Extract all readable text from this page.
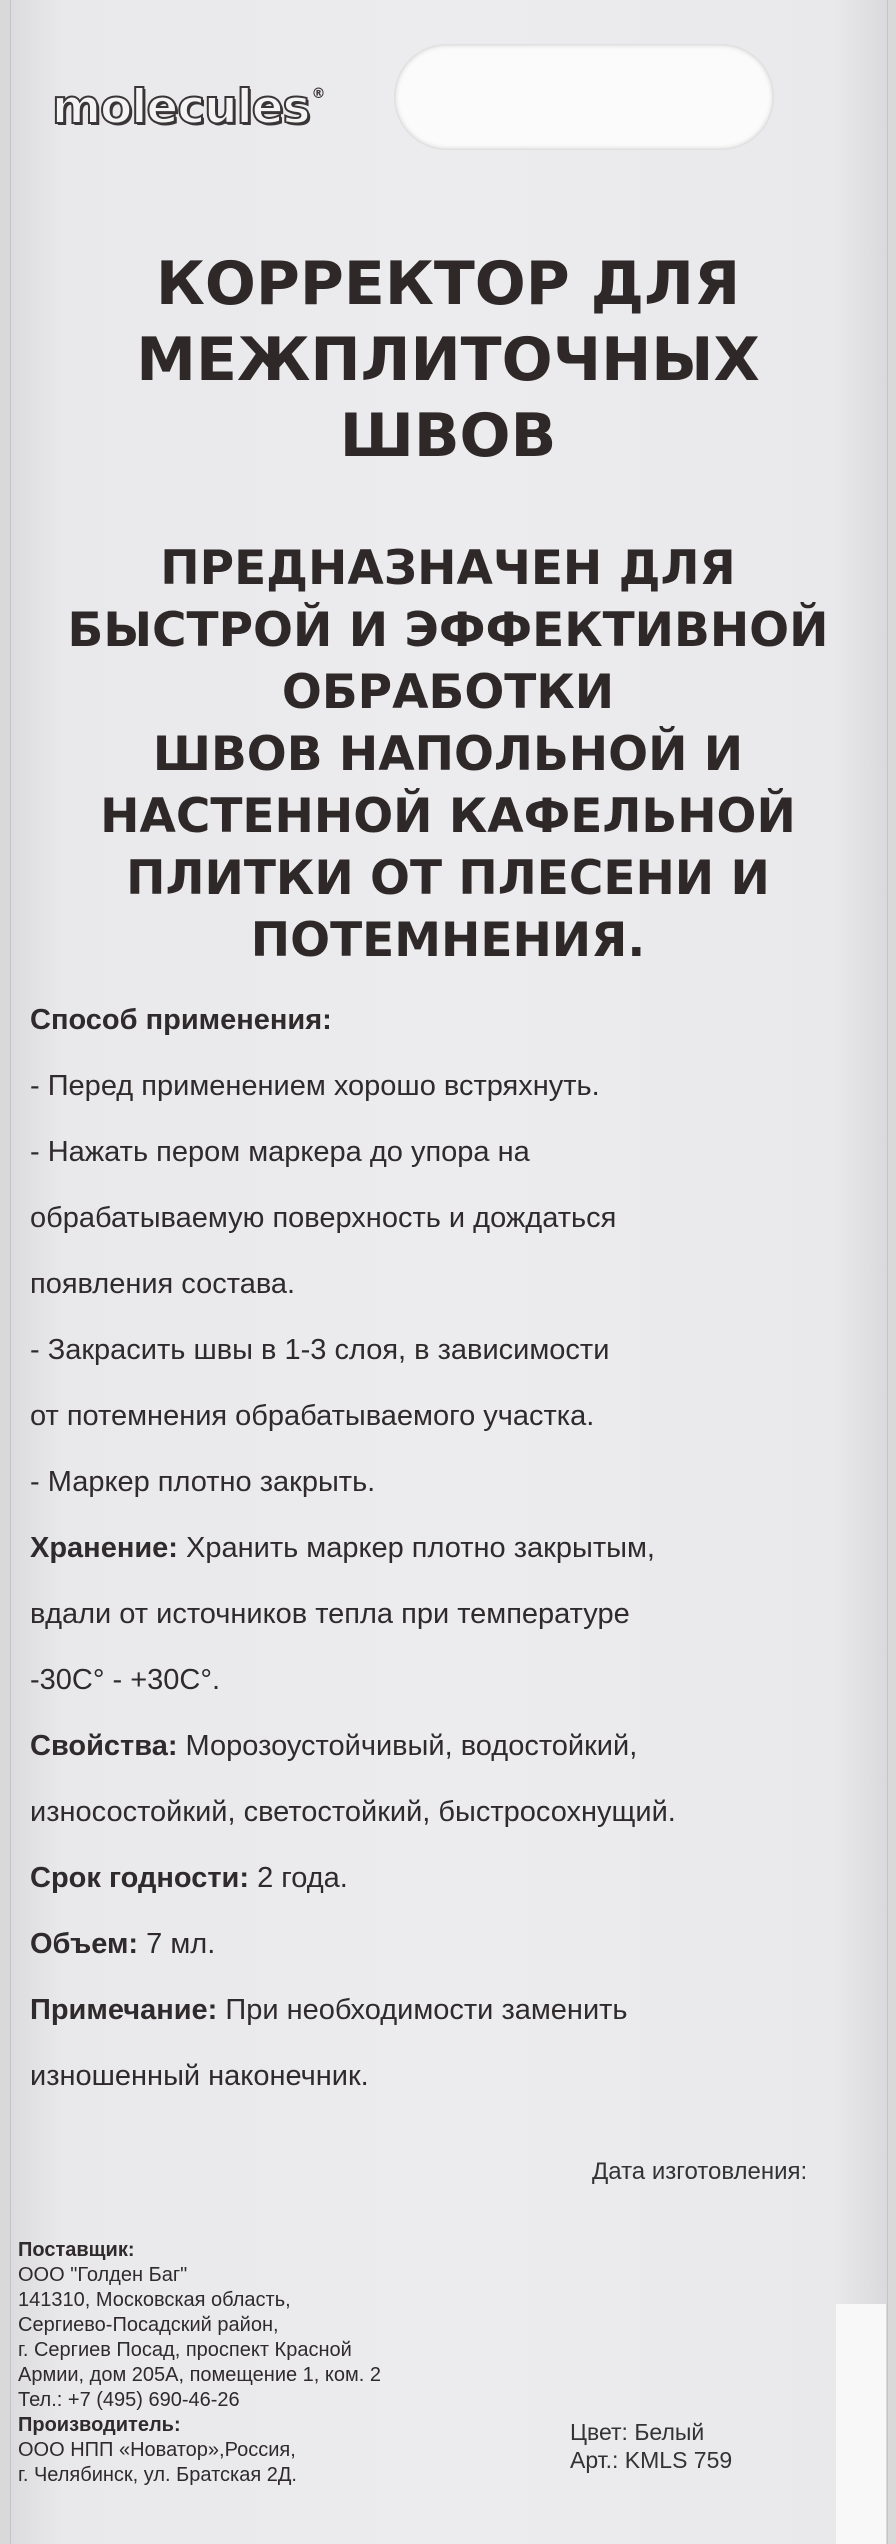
molecules ®
КОРРЕКТОР ДЛЯ
МЕЖПЛИТОЧНЫХ
ШВОВ
ПРЕДНАЗНАЧЕН ДЛЯ
БЫСТРОЙ И ЭФФЕКТИВНОЙ
ОБРАБОТКИ
ШВОВ НАПОЛЬНОЙ И
НАСТЕННОЙ КАФЕЛЬНОЙ
ПЛИТКИ ОТ ПЛЕСЕНИ И
ПОТЕМНЕНИЯ.

Способ применения:

- Перед применением хорошо встряхнуть.

- Нажать пером маркера до упора на

обрабатываемую поверхность и дождаться

появления состава.

- Закрасить швы в 1-3 слоя, в зависимости

от потемнения обрабатываемого участка.

- Маркер плотно закрыть.

Хранение: Хранить маркер плотно закрытым,

вдали от источников тепла при температуре

-30С° - +30С°.

Свойства: Морозоустойчивый, водостойкий,

износостойкий, светостойкий, быстросохнущий.

Срок годности: 2 года.

Объем: 7 мл.

Примечание: При необходимости заменить

изношенный наконечник.

Дата изготовления:
Поставщик:
ООО "Голден Баг"
141310, Московская область,
Сергиево-Посадский район,
г. Сергиев Посад, проспект Красной
Армии, дом 205А, помещение 1, ком. 2
Тел.: +7 (495) 690-46-26
Производитель:
ООО НПП «Новатор»,Россия,
г. Челябинск, ул. Братская 2Д.
Цвет: Белый
Арт.: KMLS 759
